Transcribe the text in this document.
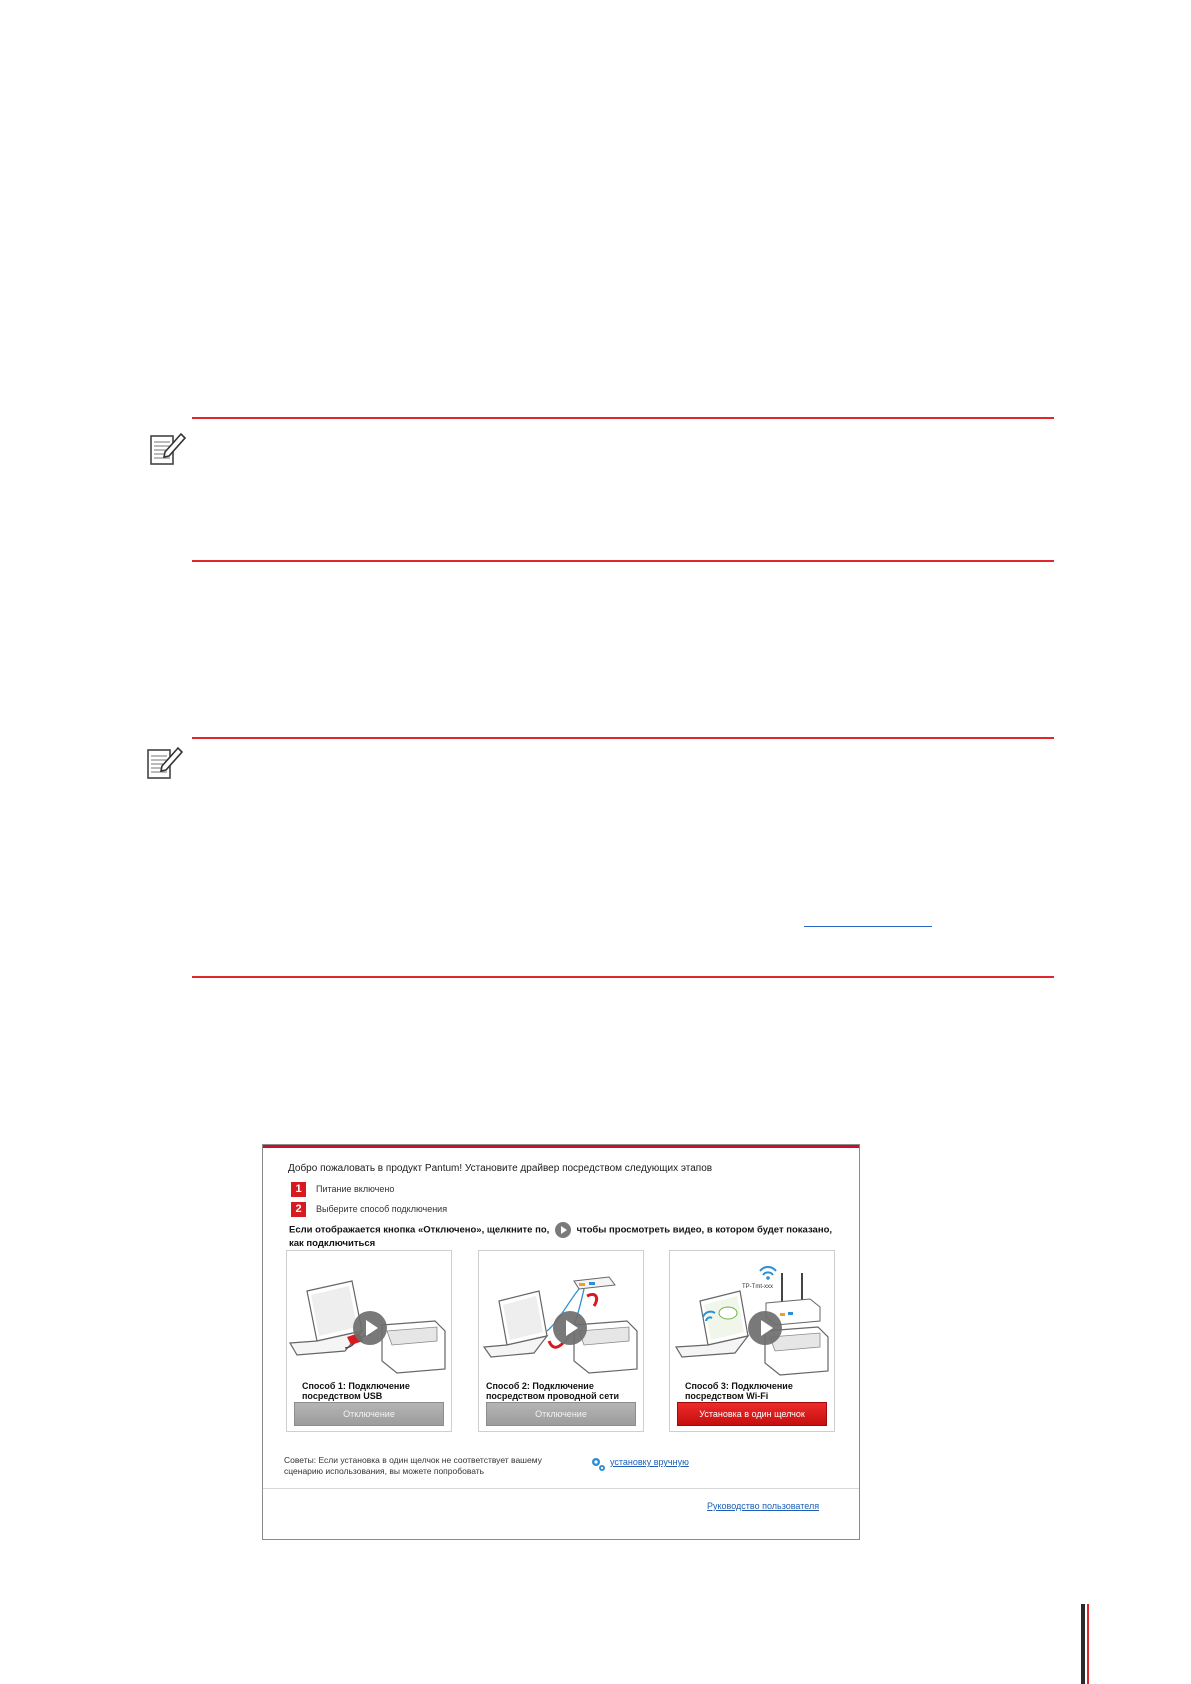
Добро пожаловать в продукт Pantum! Установите драйвер посредством следующих этапов
1	Питание включено
2	Выберите способ подключения
Если отображается кнопка «Отключено», щелкните по,	чтобы просмотреть видео, в котором будет показано, как подключиться
Способ 1: Подключение посредством USB
Отключение
Способ 2: Подключение посредством проводной сети
Отключение
TP-Tmt-xxx
Способ 3: Подключение посредством Wi-Fi
Установка в один щелчок
Советы: Если установка в один щелчок не соответствует вашему сценарию использования, вы можете попробовать
установку вручную
Руководство пользователя
